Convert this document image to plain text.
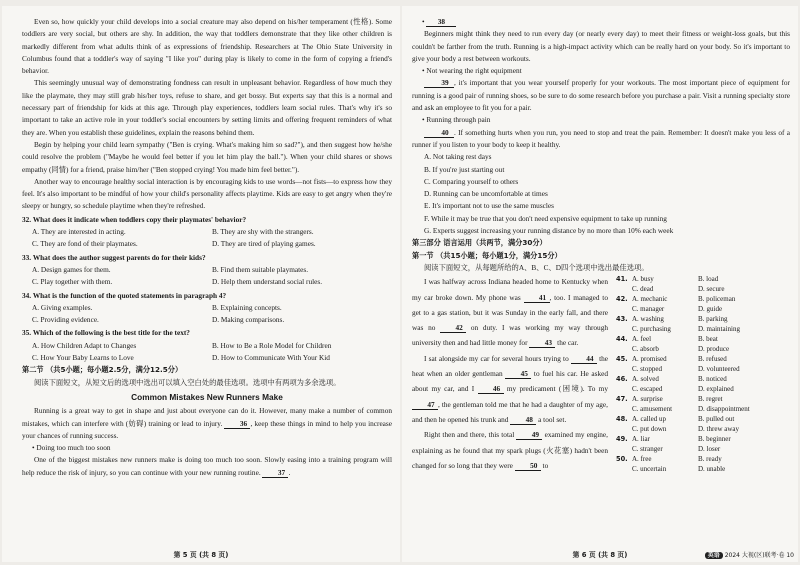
Even so, how quickly your child develops into a social creature may also depend on his/her temperament (性格). Some toddlers are very social, but others are shy. In addition, the way that toddlers demonstrate that they like other children is markedly different from what adults think of as expressions of friendship. Researchers at The Ohio State University in Columbus found that a toddler's way of saying "I like you" during play is likely to come in the form of copying a friend's behavior.

This seemingly unusual way of demonstrating fondness can result in unpleasant behavior. Regardless of how much they like the playmate, they may still grab his/her toys, refuse to share, and get bossy. But experts say that this is a normal and necessary part of friendship for kids at this age. Through play experiences, toddlers learn social rules. That's why it's so important to take an active role in your toddler's social encounters by setting limits and offering frequent reminders of what they are. When you establish these guidelines, explain the reasons behind them.

Begin by helping your child learn sympathy ("Ben is crying. What's making him so sad?"), and then suggest how he/she could resolve the problem ("Maybe he would feel better if you let him play the ball."). When your child shares or shows empathy (同情) for a friend, praise him/her ("Ben stopped crying! You made him feel better.").

Another way to encourage healthy social interaction is by encouraging kids to use words—not fists—to express how they feel. It's also important to be mindful of how your child's personality affects playtime. Kids are easy to get angry when they're sleepy or hungry, so schedule playtime when they're refreshed.

32. What does it indicate when toddlers copy their playmates' behavior?

A. They are interested in acting.	B. They are shy with the strangers.
C. They are fond of their playmates.	D. They are tired of playing games.

33. What does the author suggest parents do for their kids?

A. Design games for them.	B. Find them suitable playmates.
C. Play together with them.	D. Help them understand social rules.

34. What is the function of the quoted statements in paragraph 4?

A. Giving examples.	B. Explaining concepts.
C. Providing evidence.	D. Making comparisons.

35. Which of the following is the best title for the text?

A. How Children Adapt to Changes	B. How to Be a Role Model for Children
C. How Your Baby Learns to Love	D. How to Communicate With Your Kid

第二节 （共5小题；每小题2.5分，满分12.5分）

阅读下面短文，从短文后的选项中选出可以填入空白处的最佳选项。选项中有两项为多余选项。

Common Mistakes New Runners Make

Running is a great way to get in shape and just about everyone can do it. However, many make a number of common mistakes, which can interfere with (妨碍) training or lead to injury. 36 , keep these things in mind to help you increase your chances of running success.

• Doing too much too soon

One of the biggest mistakes new runners make is doing too much too soon. Slowly easing into a training program will help reduce the risk of injury, so you can continue with your new running routine. 37 .

第 5 页 (共 8 页)

• 38

Beginners might think they need to run every day (or nearly every day) to meet their fitness or weight-loss goals, but this couldn't be farther from the truth. Running is a high-impact activity which can be really hard on your body. So it's important to give your body a rest between workouts.

• Not wearing the right equipment

39 , it's important that you wear yourself properly for your workouts. The most important piece of equipment for running is a good pair of running shoes, so be sure to do some research before you purchase a pair. Visit a running specialty store and ask an employee to fit you for a pair.

• Running through pain

40 . If something hurts when you run, you need to stop and treat the pain. Remember: It doesn't make you less of a runner if you listen to your body to keep it healthy.

A. Not taking rest days

B. If you're just starting out

C. Comparing yourself to others

D. Running can be uncomfortable at times

E. It's important not to use the same muscles

F. While it may be true that you don't need expensive equipment to take up running

G. Experts suggest increasing your running distance by no more than 10% each week

第三部分 语言运用（共两节，满分30分）

第一节 （共15小题；每小题1分，满分15分）

阅读下面短文，从每题所给的A、B、C、D四个选项中选出最佳选项。

I was halfway across Indiana headed home to Kentucky when my car broke down. My phone was 41 , too. I managed to get to a gas station, but it was Sunday in the early fall, and there was no 42 on duty. I was working my way through university then and had little money for 43 the car.

I sat alongside my car for several hours trying to 44 the heat when an older gentleman 45 to fuel his car. He asked about my car, and I 46 my predicament (困境). To my 47 , the gentleman told me that he had a daughter of my age, and then he opened his trunk and 48 a tool set.

Right then and there, this total 49 examined my engine, explaining as he found that my spark plugs (火花塞) hadn't been changed for so long that they were 50 to

41. A. busy	B. load
C. dead	D. secure
42. A. mechanic	B. policeman
C. manager	D. guide
43. A. washing	B. parking
C. purchasing	D. maintaining
44. A. feel	B. beat
C. absorb	D. produce
45. A. promised	B. refused
C. stopped	D. volunteered
46. A. solved	B. noticed
C. escaped	D. explained
47. A. surprise	B. regret
C. amusement	D. disappointment
48. A. called up	B. pulled out
C. put down	D. threw away
49. A. liar	B. beginner
C. stranger	D. loser
50. A. free	B. ready
C. uncertain	D. unable
第 6 页 (共 8 页)	英语 2024 大视(区)联考·卷 10
